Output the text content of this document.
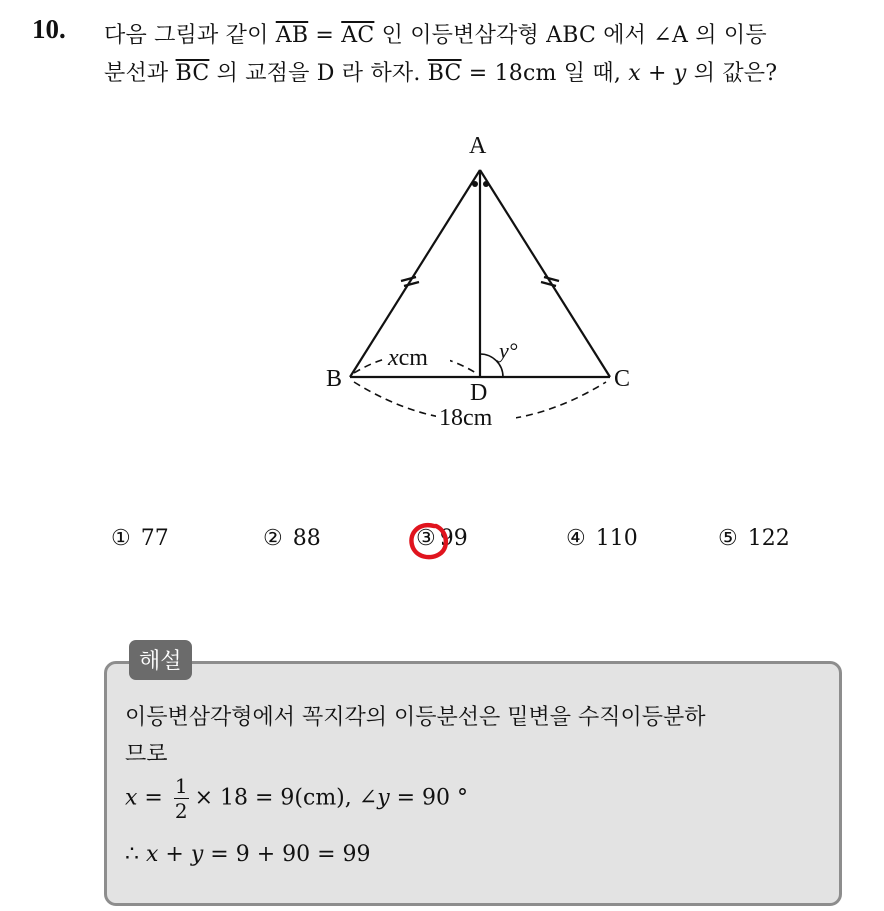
10. 다음 그림과 같이 $\overline{AB} = \overline{AC}$ 인 이등변삼각형 ABC 에서 ∠A 의 이등
분선과 $\overline{BC}$ 의 교점을 D 라 하자. $\overline{BC} = 18cm$ 일 때, x + y 의 값은?
A
B	C
D
xcm	y°
18cm
① 77	② 88	③ 99	④ 110	⑤ 122
해설
이등변삼각형에서 꼭지각의 이등분선은 밑변을 수직이등분하
므로
$x = \frac{1}{2} \times 18 = 9(cm)$, ∠y = 90 °
∴ x + y = 9 + 90 = 99
